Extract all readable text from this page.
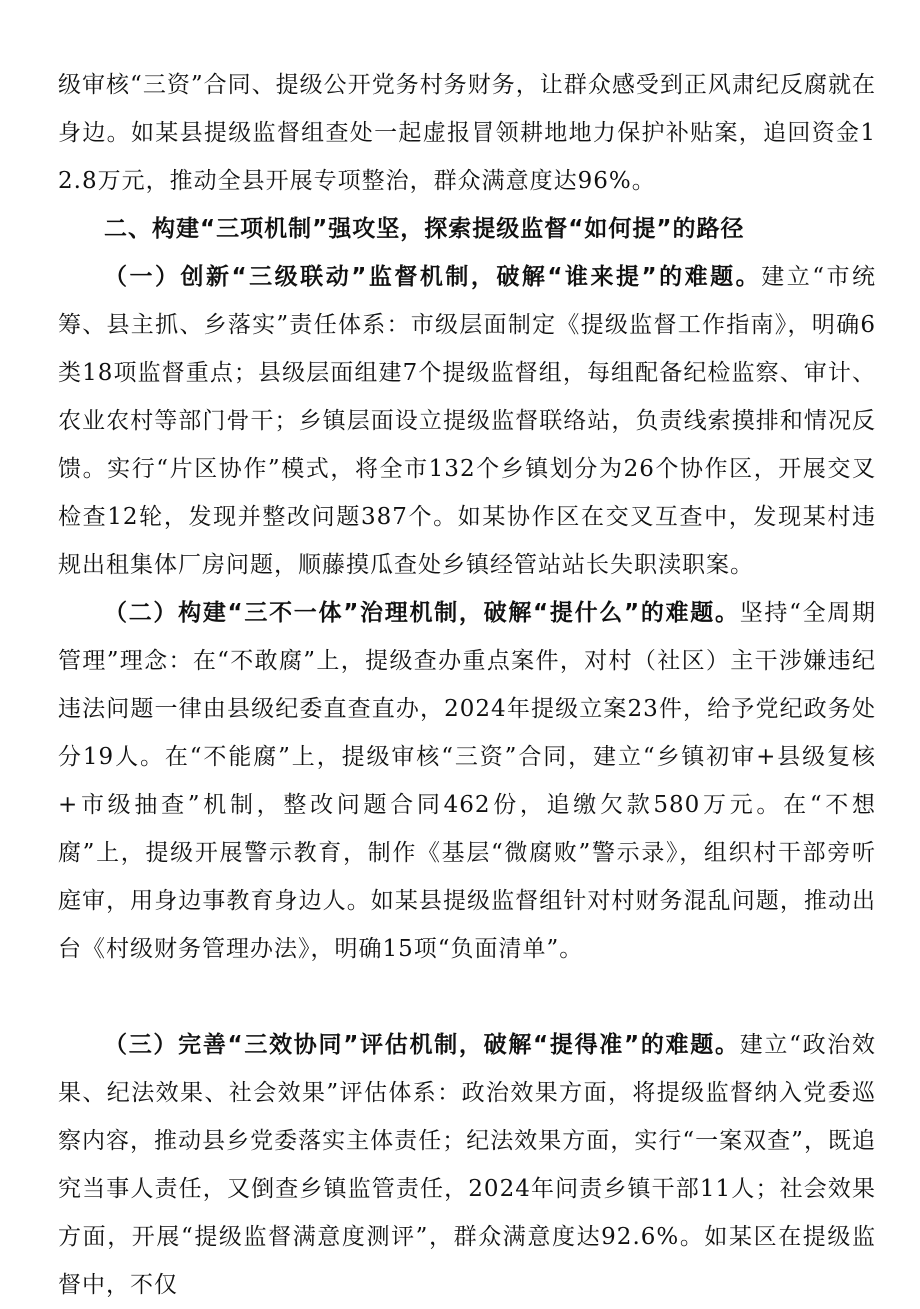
级审核“三资”合同、提级公开党务村务财务，让群众感受到正风肃纪反腐就在身边。如某县提级监督组查处一起虚报冒领耕地地力保护补贴案，追回资金12.8万元，推动全县开展专项整治，群众满意度达96%。

二、构建“三项机制”强攻坚，探索提级监督“如何提”的路径

（一）创新“三级联动”监督机制，破解“谁来提”的难题。建立“市统筹、县主抓、乡落实”责任体系：市级层面制定《提级监督工作指南》，明确6类18项监督重点；县级层面组建7个提级监督组，每组配备纪检监察、审计、农业农村等部门骨干；乡镇层面设立提级监督联络站，负责线索摸排和情况反馈。实行“片区协作”模式，将全市132个乡镇划分为26个协作区，开展交叉检查12轮，发现并整改问题387个。如某协作区在交叉互查中，发现某村违规出租集体厂房问题，顺藤摸瓜查处乡镇经管站站长失职渎职案。

（二）构建“三不一体”治理机制，破解“提什么”的难题。坚持“全周期管理”理念：在“不敢腐”上，提级查办重点案件，对村（社区）主干涉嫌违纪违法问题一律由县级纪委直查直办，2024年提级立案23件，给予党纪政务处分19人。在“不能腐”上，提级审核“三资”合同，建立“乡镇初审+县级复核+市级抽查”机制，整改问题合同462份，追缴欠款580万元。在“不想腐”上，提级开展警示教育，制作《基层“微腐败”警示录》，组织村干部旁听庭审，用身边事教育身边人。如某县提级监督组针对村财务混乱问题，推动出台《村级财务管理办法》，明确15项“负面清单”。

（三）完善“三效协同”评估机制，破解“提得准”的难题。建立“政治效果、纪法效果、社会效果”评估体系：政治效果方面，将提级监督纳入党委巡察内容，推动县乡党委落实主体责任；纪法效果方面，实行“一案双查”，既追究当事人责任，又倒查乡镇监管责任，2024年问责乡镇干部11人；社会效果方面，开展“提级监督满意度测评”，群众满意度达92.6%。如某区在提级监督中，不仅
